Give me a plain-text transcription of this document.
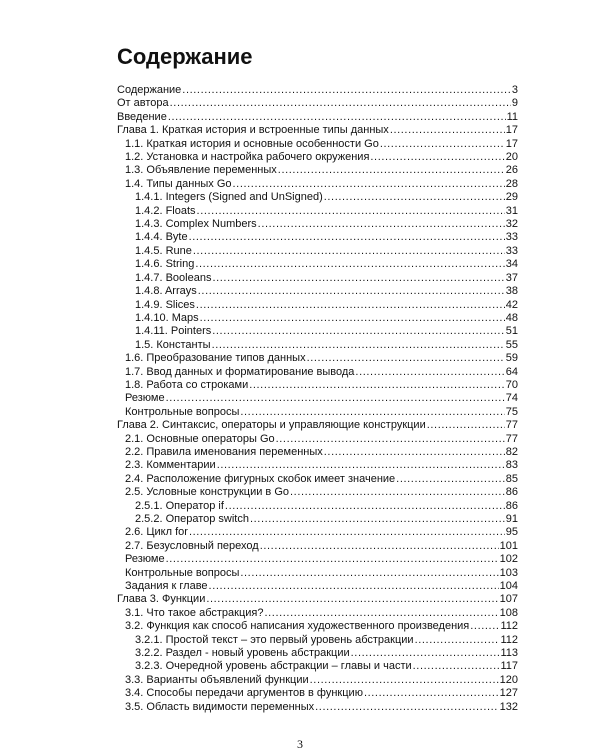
Содержание
Содержание .....	3
От автора .....	9
Введение .....	11
Глава 1. Краткая история и встроенные типы данных .....	17
1.1. Краткая история и основные особенности Go .....	17
1.2. Установка и настройка рабочего окружения .....	20
1.3. Объявление переменных .....	26
1.4. Типы данных Go .....	28
1.4.1. Integers (Signed and UnSigned) .....	29
1.4.2. Floats .....	31
1.4.3. Complex Numbers .....	32
1.4.4. Byte .....	33
1.4.5. Rune .....	33
1.4.6. String .....	34
1.4.7. Booleans .....	37
1.4.8. Arrays .....	38
1.4.9. Slices .....	42
1.4.10. Maps .....	48
1.4.11. Pointers .....	51
1.5. Константы .....	55
1.6. Преобразование типов данных .....	59
1.7. Ввод данных и форматирование вывода .....	64
1.8. Работа со строками .....	70
Резюме .....	74
Контрольные вопросы .....	75
Глава 2. Синтаксис, операторы и управляющие конструкции .....	77
2.1. Основные операторы Go .....	77
2.2. Правила именования переменных .....	82
2.3. Комментарии .....	83
2.4. Расположение фигурных скобок имеет значение .....	85
2.5. Условные конструкции в Go .....	86
2.5.1. Оператор if .....	86
2.5.2. Оператор switch .....	91
2.6. Цикл for .....	95
2.7. Безусловный переход .....	101
Резюме .....	102
Контрольные вопросы .....	103
Задания к главе .....	104
Глава 3. Функции .....	107
3.1. Что такое абстракция? .....	108
3.2. Функция как способ написания художественного произведения .....	112
3.2.1. Простой текст – это первый уровень абстракции .....	112
3.2.2. Раздел - новый уровень абстракции .....	113
3.2.3. Очередной уровень абстракции – главы и части .....	117
3.3. Варианты объявлений функции .....	120
3.4. Способы передачи аргументов в функцию .....	127
3.5. Область видимости переменных .....	132
3
